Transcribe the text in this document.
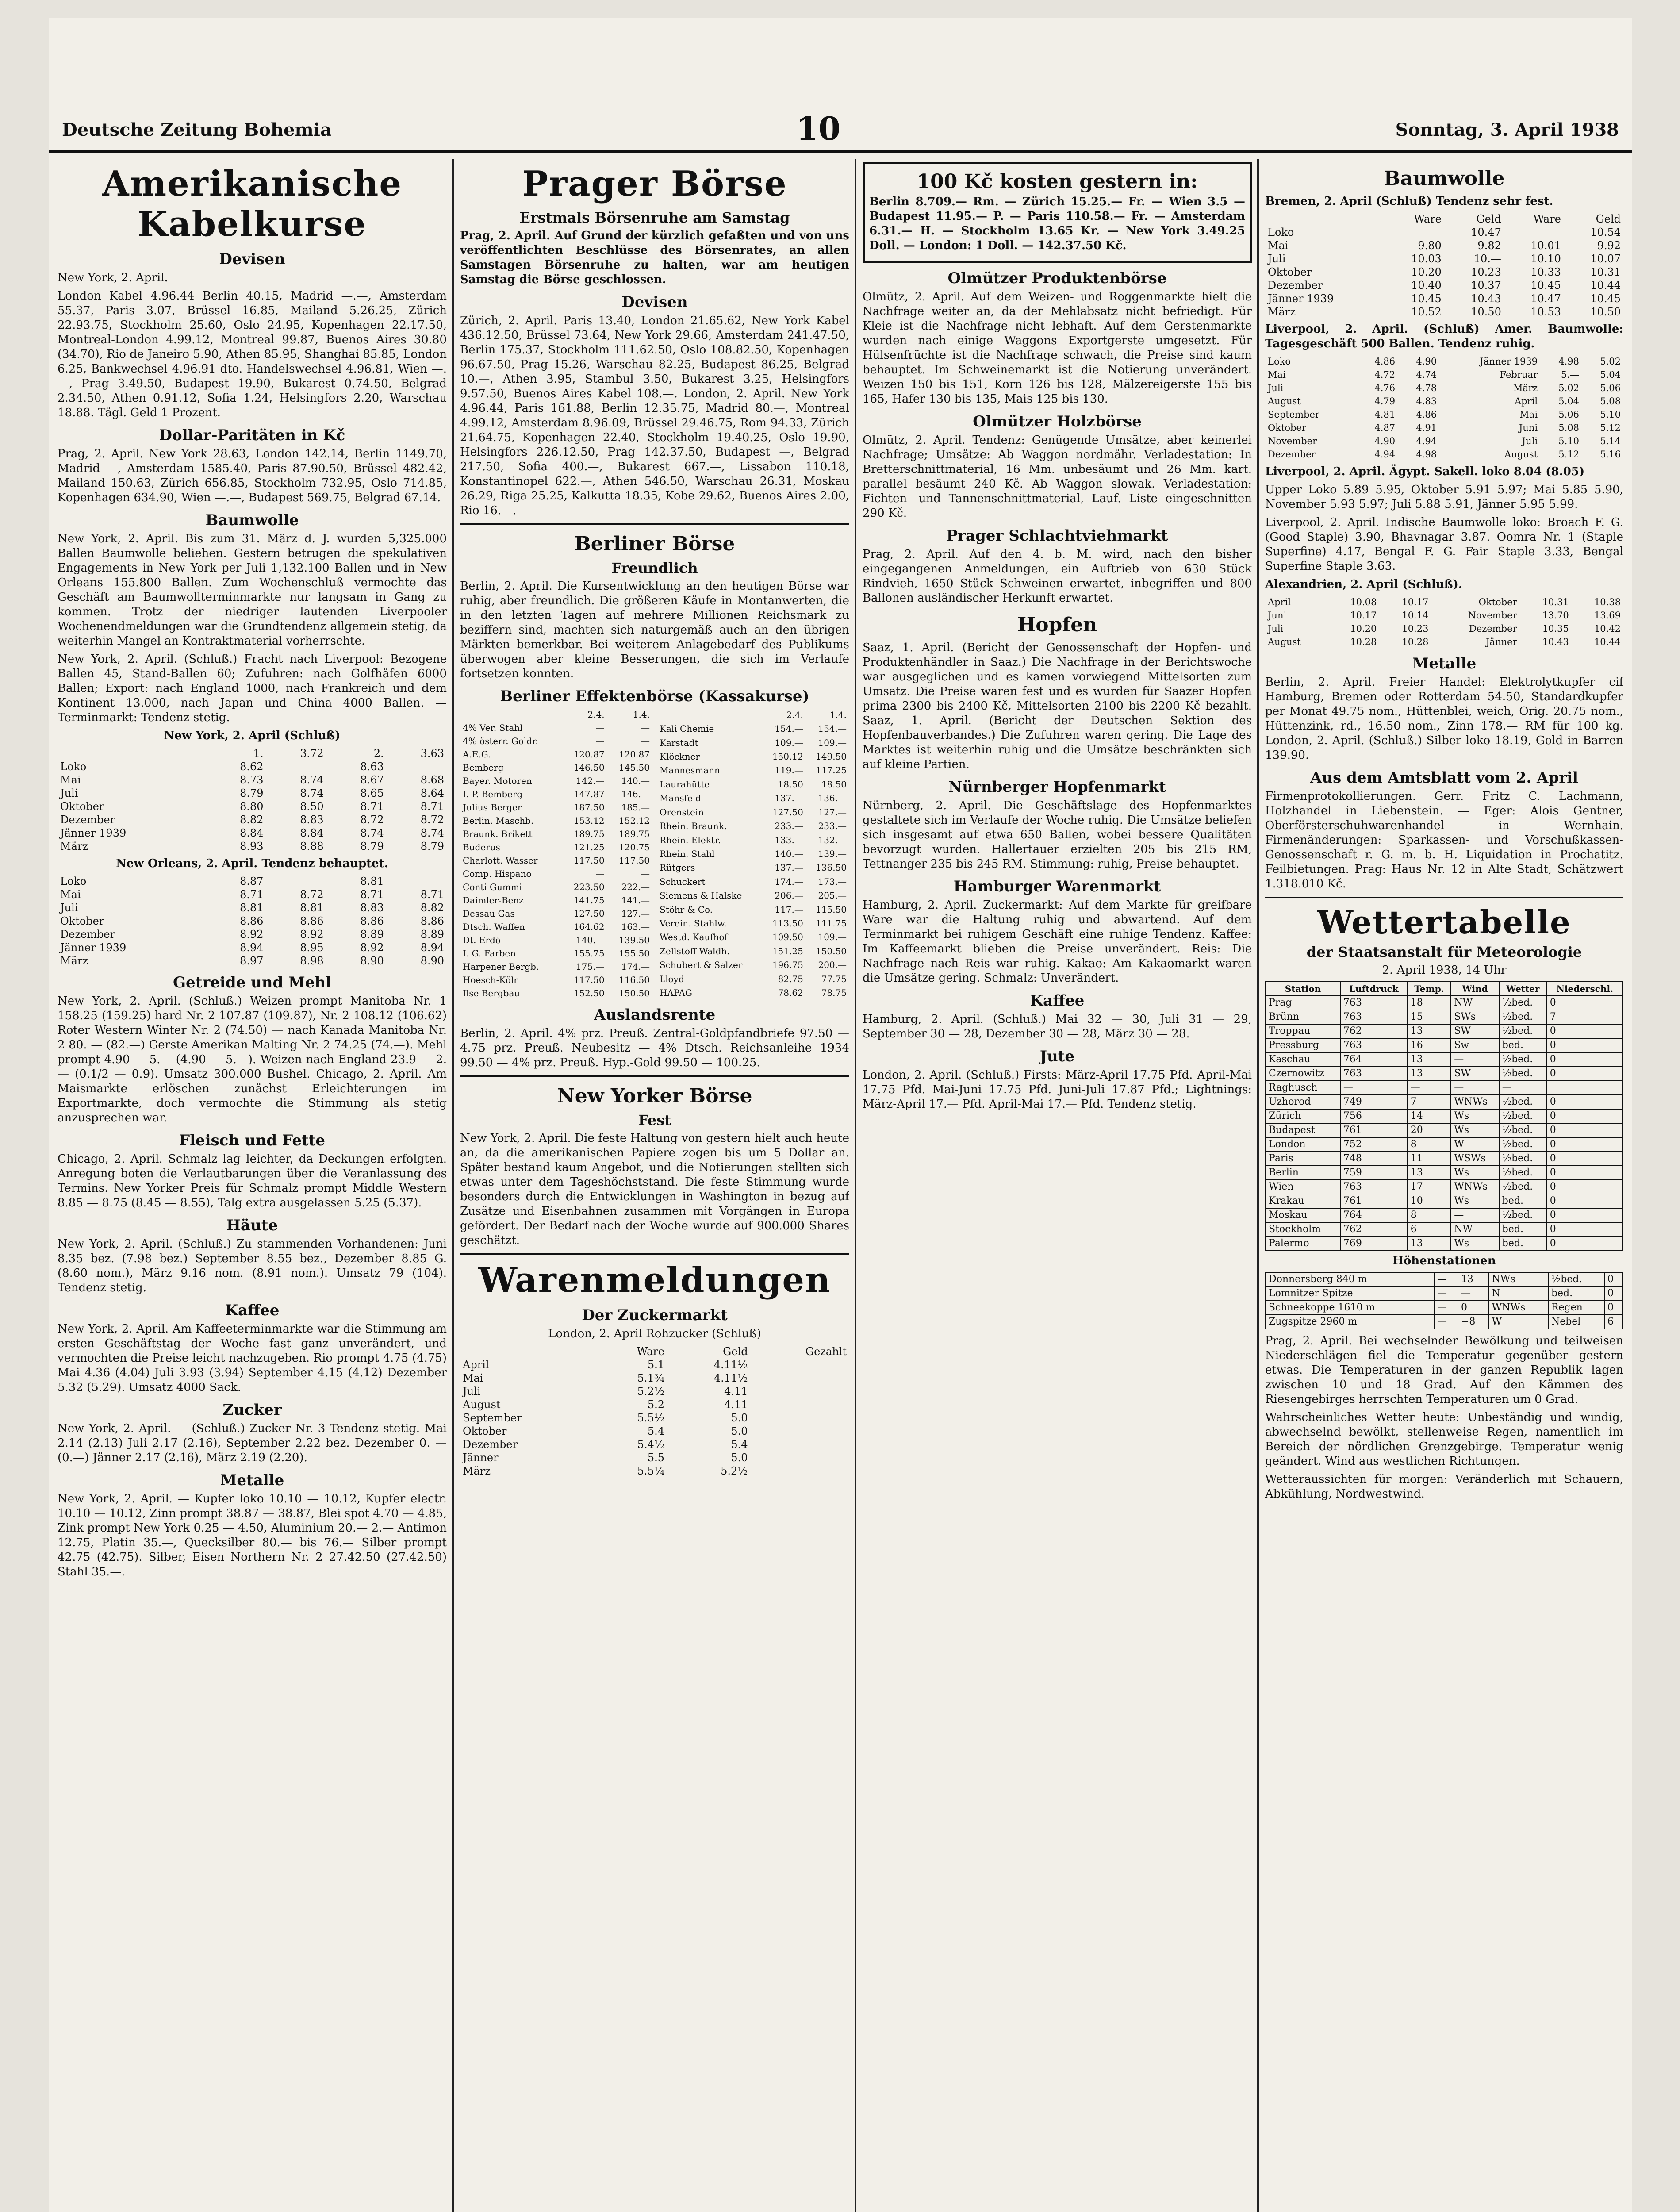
Deutsche Zeitung Bohemia	10	Sonntag, 3. April 1938
Amerikanische Kabelkurse
Devisen

New York, 2. April.

London Kabel 4.96.44 Berlin 40.15, Madrid —.—, Amsterdam 55.37, Paris 3.07, Brüssel 16.85, Mailand 5.26.25, Zürich 22.93.75, Stockholm 25.60, Oslo 24.95, Kopenhagen 22.17.50, Montreal-London 4.99.12, Montreal 99.87, Buenos Aires 30.80 (34.70), Rio de Janeiro 5.90, Athen 85.95, Shanghai 85.85, London 6.25, Bankwechsel 4.96.91 dto. Handelswechsel 4.96.81, Wien —.—, Prag 3.49.50, Budapest 19.90, Bukarest 0.74.50, Belgrad 2.34.50, Athen 0.91.12, Sofia 1.24, Helsingfors 2.20, Warschau 18.88. Tägl. Geld 1 Prozent.

Dollar-Paritäten in Kč

Prag, 2. April. New York 28.63, London 142.14, Berlin 1149.70, Madrid —, Amsterdam 1585.40, Paris 87.90.50, Brüssel 482.42, Mailand 150.63, Zürich 656.85, Stockholm 732.95, Oslo 714.85, Kopenhagen 634.90, Wien —.—, Budapest 569.75, Belgrad 67.14.

Baumwolle

New York, 2. April. Bis zum 31. März d. J. wurden 5,325.000 Ballen Baumwolle beliehen. Gestern betrugen die spekulativen Engagements in New York per Juli 1,132.100 Ballen und in New Orleans 155.800 Ballen. Zum Wochenschluß vermochte das Geschäft am Baumwollterminmarkte nur langsam in Gang zu kommen. Trotz der niedriger lautenden Liverpooler Wochenendmeldungen war die Grundtendenz allgemein stetig, da weiterhin Mangel an Kontraktmaterial vorherrschte.

New York, 2. April. (Schluß.) Fracht nach Liverpool: Bezogene Ballen 45, Stand-Ballen 60; Zufuhren: nach Golfhäfen 6000 Ballen; Export: nach England 1000, nach Frankreich und dem Kontinent 13.000, nach Japan und China 4000 Ballen. — Terminmarkt: Tendenz stetig.

New York, 2. April (Schluß)

	1.	3.72	2.	3.63
Loko	8.62		8.63	
Mai	8.73	8.74	8.67	8.68
Juli	8.79	8.74	8.65	8.64
Oktober	8.80	8.50	8.71	8.71
Dezember	8.82	8.83	8.72	8.72
Jänner 1939	8.84	8.84	8.74	8.74
März	8.93	8.88	8.79	8.79

New Orleans, 2. April. Tendenz behauptet.

Loko	8.87		8.81	
Mai	8.71	8.72	8.71	8.71
Juli	8.81	8.81	8.83	8.82
Oktober	8.86	8.86	8.86	8.86
Dezember	8.92	8.92	8.89	8.89
Jänner 1939	8.94	8.95	8.92	8.94
März	8.97	8.98	8.90	8.90
Getreide und Mehl

New York, 2. April. (Schluß.) Weizen prompt Manitoba Nr. 1 158.25 (159.25) hard Nr. 2 107.87 (109.87), Nr. 2 108.12 (106.62) Roter Western Winter Nr. 2 (74.50) — nach Kanada Manitoba Nr. 2 80. — (82.—) Gerste Amerikan Malting Nr. 2 74.25 (74.—). Mehl prompt 4.90 — 5.— (4.90 — 5.—). Weizen nach England 23.9 — 2.— (0.1/2 — 0.9). Umsatz 300.000 Bushel. Chicago, 2. April. Am Maismarkte erlöschen zunächst Erleichterungen im Exportmarkte, doch vermochte die Stimmung als stetig anzusprechen war.

Fleisch und Fette

Chicago, 2. April. Schmalz lag leichter, da Deckungen erfolgten. Anregung boten die Verlautbarungen über die Veranlassung des Termins. New Yorker Preis für Schmalz prompt Middle Western 8.85 — 8.75 (8.45 — 8.55), Talg extra ausgelassen 5.25 (5.37).

Häute

New York, 2. April. (Schluß.) Zu stammenden Vorhandenen: Juni 8.35 bez. (7.98 bez.) September 8.55 bez., Dezember 8.85 G. (8.60 nom.), März 9.16 nom. (8.91 nom.). Umsatz 79 (104). Tendenz stetig.

Kaffee

New York, 2. April. Am Kaffeeterminmarkte war die Stimmung am ersten Geschäftstag der Woche fast ganz unverändert, und vermochten die Preise leicht nachzugeben. Rio prompt 4.75 (4.75) Mai 4.36 (4.04) Juli 3.93 (3.94) September 4.15 (4.12) Dezember 5.32 (5.29). Umsatz 4000 Sack.

Zucker

New York, 2. April. — (Schluß.) Zucker Nr. 3 Tendenz stetig. Mai 2.14 (2.13) Juli 2.17 (2.16), September 2.22 bez. Dezember 0. — (0.—) Jänner 2.17 (2.16), März 2.19 (2.20).

Metalle

New York, 2. April. — Kupfer loko 10.10 — 10.12, Kupfer electr. 10.10 — 10.12, Zinn prompt 38.87 — 38.87, Blei spot 4.70 — 4.85, Zink prompt New York 0.25 — 4.50, Aluminium 20.— 2.— Antimon 12.75, Platin 35.—, Quecksilber 80.— bis 76.— Silber prompt 42.75 (42.75). Silber, Eisen Northern Nr. 2 27.42.50 (27.42.50) Stahl 35.—.

Prager Börse
Erstmals Börsenruhe am Samstag

Prag, 2. April. Auf Grund der kürzlich gefaßten und von uns veröffentlichten Beschlüsse des Börsenrates, an allen Samstagen Börsenruhe zu halten, war am heutigen Samstag die Börse geschlossen.

Devisen

Zürich, 2. April. Paris 13.40, London 21.65.62, New York Kabel 436.12.50, Brüssel 73.64, New York 29.66, Amsterdam 241.47.50, Berlin 175.37, Stockholm 111.62.50, Oslo 108.82.50, Kopenhagen 96.67.50, Prag 15.26, Warschau 82.25, Budapest 86.25, Belgrad 10.—, Athen 3.95, Stambul 3.50, Bukarest 3.25, Helsingfors 9.57.50, Buenos Aires Kabel 108.—. London, 2. April. New York 4.96.44, Paris 161.88, Berlin 12.35.75, Madrid 80.—, Montreal 4.99.12, Amsterdam 8.96.09, Brüssel 29.46.75, Rom 94.33, Zürich 21.64.75, Kopenhagen 22.40, Stockholm 19.40.25, Oslo 19.90, Helsingfors 226.12.50, Prag 142.37.50, Budapest —, Belgrad 217.50, Sofia 400.—, Bukarest 667.—, Lissabon 110.18, Konstantinopel 622.—, Athen 546.50, Warschau 26.31, Moskau 26.29, Riga 25.25, Kalkutta 18.35, Kobe 29.62, Buenos Aires 2.00, Rio 16.—.

Berliner Börse
Freundlich

Berlin, 2. April. Die Kursentwicklung an den heutigen Börse war ruhig, aber freundlich. Die größeren Käufe in Montanwerten, die in den letzten Tagen auf mehrere Millionen Reichsmark zu beziffern sind, machten sich naturgemäß auch an den übrigen Märkten bemerkbar. Bei weiterem Anlagebedarf des Publikums überwogen aber kleine Besserungen, die sich im Verlaufe fortsetzen konnten.

Berliner Effektenbörse (Kassakurse)
	2.4.	1.4.
4% Ver. Stahl	—	—
4% österr. Goldr.	—	—
A.E.G.	120.87	120.87
Bemberg	146.50	145.50
Bayer. Motoren	142.—	140.—
I. P. Bemberg	147.87	146.—
Julius Berger	187.50	185.—
Berlin. Maschb.	153.12	152.12
Braunk. Brikett	189.75	189.75
Buderus	121.25	120.75
Charlott. Wasser	117.50	117.50
Comp. Hispano	—	—
Conti Gummi	223.50	222.—
Daimler-Benz	141.75	141.—
Dessau Gas	127.50	127.—
Dtsch. Waffen	164.62	163.—
Dt. Erdöl	140.—	139.50
I. G. Farben	155.75	155.50
Harpener Bergb.	175.—	174.—
Hoesch-Köln	117.50	116.50
Ilse Bergbau	152.50	150.50
	2.4.	1.4.
Kali Chemie	154.—	154.—
Karstadt	109.—	109.—
Klöckner	150.12	149.50
Mannesmann	119.—	117.25
Laurahütte	18.50	18.50
Mansfeld	137.—	136.—
Orenstein	127.50	127.—
Rhein. Braunk.	233.—	233.—
Rhein. Elektr.	133.—	132.—
Rhein. Stahl	140.—	139.—
Rütgers	137.—	136.50
Schuckert	174.—	173.—
Siemens & Halske	206.—	205.—
Stöhr & Co.	117.—	115.50
Verein. Stahlw.	113.50	111.75
Westd. Kaufhof	109.50	109.—
Zellstoff Waldh.	151.25	150.50
Schubert & Salzer	196.75	200.—
Lloyd	82.75	77.75
HAPAG	78.62	78.75
Auslandsrente

Berlin, 2. April. 4% prz. Preuß. Zentral-Goldpfandbriefe 97.50 — 4.75 prz. Preuß. Neubesitz — 4% Dtsch. Reichsanleihe 1934 99.50 — 4% prz. Preuß. Hyp.-Gold 99.50 — 100.25.

New Yorker Börse
Fest

New York, 2. April. Die feste Haltung von gestern hielt auch heute an, da die amerikanischen Papiere zogen bis um 5 Dollar an. Später bestand kaum Angebot, und die Notierungen stellten sich etwas unter dem Tageshöchststand. Die feste Stimmung wurde besonders durch die Entwicklungen in Washington in bezug auf Zusätze und Eisenbahnen zusammen mit Vorgängen in Europa gefördert. Der Bedarf nach der Woche wurde auf 900.000 Shares geschätzt.

Warenmeldungen
Der Zuckermarkt

London, 2. April Rohzucker (Schluß)

	Ware	Geld	Gezahlt
April	5.1	4.11½	
Mai	5.1¾	4.11½	
Juli	5.2½	4.11	
August	5.2	4.11	
September	5.5½	5.0	
Oktober	5.4	5.0	
Dezember	5.4½	5.4	
Jänner	5.5	5.0	
März	5.5¼	5.2½	
100 Kč kosten gestern in:

Berlin 8.709.— Rm. — Zürich 15.25.— Fr. — Wien 3.5 — Budapest 11.95.— P. — Paris 110.58.— Fr. — Amsterdam 6.31.— H. — Stockholm 13.65 Kr. — New York 3.49.25 Doll. — London: 1 Doll. — 142.37.50 Kč.

Olmützer Produktenbörse

Olmütz, 2. April. Auf dem Weizen- und Roggenmarkte hielt die Nachfrage weiter an, da der Mehlabsatz nicht befriedigt. Für Kleie ist die Nachfrage nicht lebhaft. Auf dem Gerstenmarkte wurden nach einige Waggons Exportgerste umgesetzt. Für Hülsenfrüchte ist die Nachfrage schwach, die Preise sind kaum behauptet. Im Schweinemarkt ist die Notierung unverändert. Weizen 150 bis 151, Korn 126 bis 128, Mälzereigerste 155 bis 165, Hafer 130 bis 135, Mais 125 bis 130.

Olmützer Holzbörse

Olmütz, 2. April. Tendenz: Genügende Umsätze, aber keinerlei Nachfrage; Umsätze: Ab Waggon nordmähr. Verladestation: In Bretterschnittmaterial, 16 Mm. unbesäumt und 26 Mm. kart. parallel besäumt 240 Kč. Ab Waggon slowak. Verladestation: Fichten- und Tannenschnittmaterial, Lauf. Liste eingeschnitten 290 Kč.

Prager Schlachtviehmarkt

Prag, 2. April. Auf den 4. b. M. wird, nach den bisher eingegangenen Anmeldungen, ein Auftrieb von 630 Stück Rindvieh, 1650 Stück Schweinen erwartet, inbegriffen und 800 Ballonen ausländischer Herkunft erwartet.

Hopfen

Saaz, 1. April. (Bericht der Genossenschaft der Hopfen- und Produktenhändler in Saaz.) Die Nachfrage in der Berichtswoche war ausgeglichen und es kamen vorwiegend Mittelsorten zum Umsatz. Die Preise waren fest und es wurden für Saazer Hopfen prima 2300 bis 2400 Kč, Mittelsorten 2100 bis 2200 Kč bezahlt. Saaz, 1. April. (Bericht der Deutschen Sektion des Hopfenbauverbandes.) Die Zufuhren waren gering. Die Lage des Marktes ist weiterhin ruhig und die Umsätze beschränkten sich auf kleine Partien.

Nürnberger Hopfenmarkt

Nürnberg, 2. April. Die Geschäftslage des Hopfenmarktes gestaltete sich im Verlaufe der Woche ruhig. Die Umsätze beliefen sich insgesamt auf etwa 650 Ballen, wobei bessere Qualitäten bevorzugt wurden. Hallertauer erzielten 205 bis 215 RM, Tettnanger 235 bis 245 RM. Stimmung: ruhig, Preise behauptet.

Hamburger Warenmarkt

Hamburg, 2. April. Zuckermarkt: Auf dem Markte für greifbare Ware war die Haltung ruhig und abwartend. Auf dem Terminmarkt bei ruhigem Geschäft eine ruhige Tendenz. Kaffee: Im Kaffeemarkt blieben die Preise unverändert. Reis: Die Nachfrage nach Reis war ruhig. Kakao: Am Kakaomarkt waren die Umsätze gering. Schmalz: Unverändert.

Kaffee

Hamburg, 2. April. (Schluß.) Mai 32 — 30, Juli 31 — 29, September 30 — 28, Dezember 30 — 28, März 30 — 28.

Jute

London, 2. April. (Schluß.) Firsts: März-April 17.75 Pfd. April-Mai 17.75 Pfd. Mai-Juni 17.75 Pfd. Juni-Juli 17.87 Pfd.; Lightnings: März-April 17.— Pfd. April-Mai 17.— Pfd. Tendenz stetig.

Baumwolle

Bremen, 2. April (Schluß) Tendenz sehr fest.

	Ware	Geld	Ware	Geld
Loko		10.47		10.54
Mai	9.80	9.82	10.01	9.92
Juli	10.03	10.—	10.10	10.07
Oktober	10.20	10.23	10.33	10.31
Dezember	10.40	10.37	10.45	10.44
Jänner 1939	10.45	10.43	10.47	10.45
März	10.52	10.50	10.53	10.50

Liverpool, 2. April. (Schluß) Amer. Baumwolle: Tagesgeschäft 500 Ballen. Tendenz ruhig.

Loko	4.86	4.90	Jänner 1939	4.98	5.02
Mai	4.72	4.74	Februar	5.—	5.04
Juli	4.76	4.78	März	5.02	5.06
August	4.79	4.83	April	5.04	5.08
September	4.81	4.86	Mai	5.06	5.10
Oktober	4.87	4.91	Juni	5.08	5.12
November	4.90	4.94	Juli	5.10	5.14
Dezember	4.94	4.98	August	5.12	5.16

Liverpool, 2. April. Ägypt. Sakell. loko 8.04 (8.05)

Upper Loko 5.89 5.95, Oktober 5.91 5.97; Mai 5.85 5.90, November 5.93 5.97; Juli 5.88 5.91, Jänner 5.95 5.99.

Liverpool, 2. April. Indische Baumwolle loko: Broach F. G. (Good Staple) 3.90, Bhavnagar 3.87. Oomra Nr. 1 (Staple Superfine) 4.17, Bengal F. G. Fair Staple 3.33, Bengal Superfine Staple 3.63.

Alexandrien, 2. April (Schluß).

April	10.08	10.17	Oktober	10.31	10.38
Juni	10.17	10.14	November	13.70	13.69
Juli	10.20	10.23	Dezember	10.35	10.42
August	10.28	10.28	Jänner	10.43	10.44
Metalle

Berlin, 2. April. Freier Handel: Elektrolytkupfer cif Hamburg, Bremen oder Rotterdam 54.50, Standardkupfer per Monat 49.75 nom., Hüttenblei, weich, Orig. 20.75 nom., Hüttenzink, rd., 16.50 nom., Zinn 178.— RM für 100 kg. London, 2. April. (Schluß.) Silber loko 18.19, Gold in Barren 139.90.

Aus dem Amtsblatt vom 2. April

Firmenprotokollierungen. Gerr. Fritz C. Lachmann, Holzhandel in Liebenstein. — Eger: Alois Gentner, Oberförsterschuhwarenhandel in Wernhain. Firmenänderungen: Sparkassen- und Vorschußkassen-Genossenschaft r. G. m. b. H. Liquidation in Prochatitz. Feilbietungen. Prag: Haus Nr. 12 in Alte Stadt, Schätzwert 1.318.010 Kč.

Wettertabelle
der Staatsanstalt für Meteorologie

2. April 1938, 14 Uhr

Station	Luftdruck	Temp.	Wind	Wetter	Niederschl.
Prag	763	18	NW	½bed.	0
Brünn	763	15	SWs	½bed.	7
Troppau	762	13	SW	½bed.	0
Pressburg	763	16	Sw	bed.	0
Kaschau	764	13	—	½bed.	0
Czernowitz	763	13	SW	½bed.	0
Raghusch	—	—	—	—	
Uzhorod	749	7	WNWs	½bed.	0
Zürich	756	14	Ws	½bed.	0
Budapest	761	20	Ws	½bed.	0
London	752	8	W	½bed.	0
Paris	748	11	WSWs	½bed.	0
Berlin	759	13	Ws	½bed.	0
Wien	763	17	WNWs	½bed.	0
Krakau	761	10	Ws	bed.	0
Moskau	764	8	—	½bed.	0
Stockholm	762	6	NW	bed.	0
Palermo	769	13	Ws	bed.	0

Höhenstationen

Donnersberg 840 m	—	13	NWs	½bed.	0
Lomnitzer Spitze	—	—	N	bed.	0
Schneekoppe 1610 m	—	0	WNWs	Regen	0
Zugspitze 2960 m	—	−8	W	Nebel	6

Prag, 2. April. Bei wechselnder Bewölkung und teilweisen Niederschlägen fiel die Temperatur gegenüber gestern etwas. Die Temperaturen in der ganzen Republik lagen zwischen 10 und 18 Grad. Auf den Kämmen des Riesengebirges herrschten Temperaturen um 0 Grad.

Wahrscheinliches Wetter heute: Unbeständig und windig, abwechselnd bewölkt, stellenweise Regen, namentlich im Bereich der nördlichen Grenzgebirge. Temperatur wenig geändert. Wind aus westlichen Richtungen.

Wetteraussichten für morgen: Veränderlich mit Schauern, Abkühlung, Nordwestwind.
